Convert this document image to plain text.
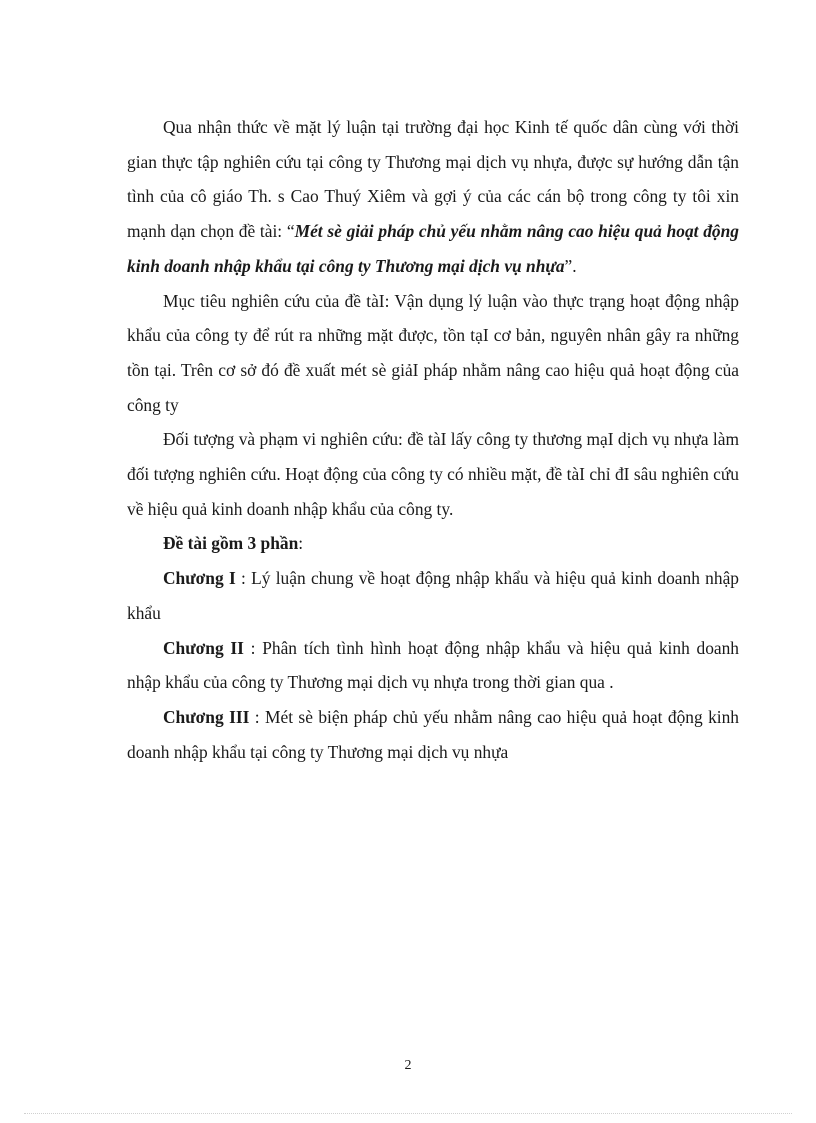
Qua nhận thức về mặt lý luận tại trường đại học Kinh tế quốc dân cùng với thời gian thực tập nghiên cứu tại công ty Thương mại dịch vụ nhựa, được sự hướng dẫn tận tình của cô giáo Th. s Cao Thuý Xiêm và gợi ý của các cán bộ trong công ty tôi xin mạnh dạn chọn đề tài: “Mét sè giải pháp chủ yếu nhằm nâng cao hiệu quả hoạt động kinh doanh nhập khẩu tại công ty Thương mại dịch vụ nhựa”.

Mục tiêu nghiên cứu của đề tàI: Vận dụng lý luận vào thực trạng hoạt động nhập khẩu của công ty để rút ra những mặt được, tồn tạI cơ bản, nguyên nhân gây ra những tồn tại. Trên cơ sở đó đề xuất mét sè giảI pháp nhằm nâng cao hiệu quả hoạt động của công ty

Đối tượng và phạm vi nghiên cứu: đề tàI lấy công ty thương mạI dịch vụ nhựa làm đối tượng nghiên cứu. Hoạt động của công ty có nhiều mặt, đề tàI chỉ đI sâu nghiên cứu về hiệu quả kinh doanh nhập khẩu của công ty.

Đề tài gồm 3 phần:

Chương I : Lý luận chung về hoạt động nhập khẩu và hiệu quả kinh doanh nhập khẩu

Chương II : Phân tích tình hình hoạt động nhập khẩu và hiệu quả kinh doanh nhập khẩu của công ty Thương mại dịch vụ nhựa trong thời gian qua .

Chương III : Mét sè biện pháp chủ yếu nhằm nâng cao hiệu quả hoạt động kinh doanh nhập khẩu tại công ty Thương mại dịch vụ nhựa

2
